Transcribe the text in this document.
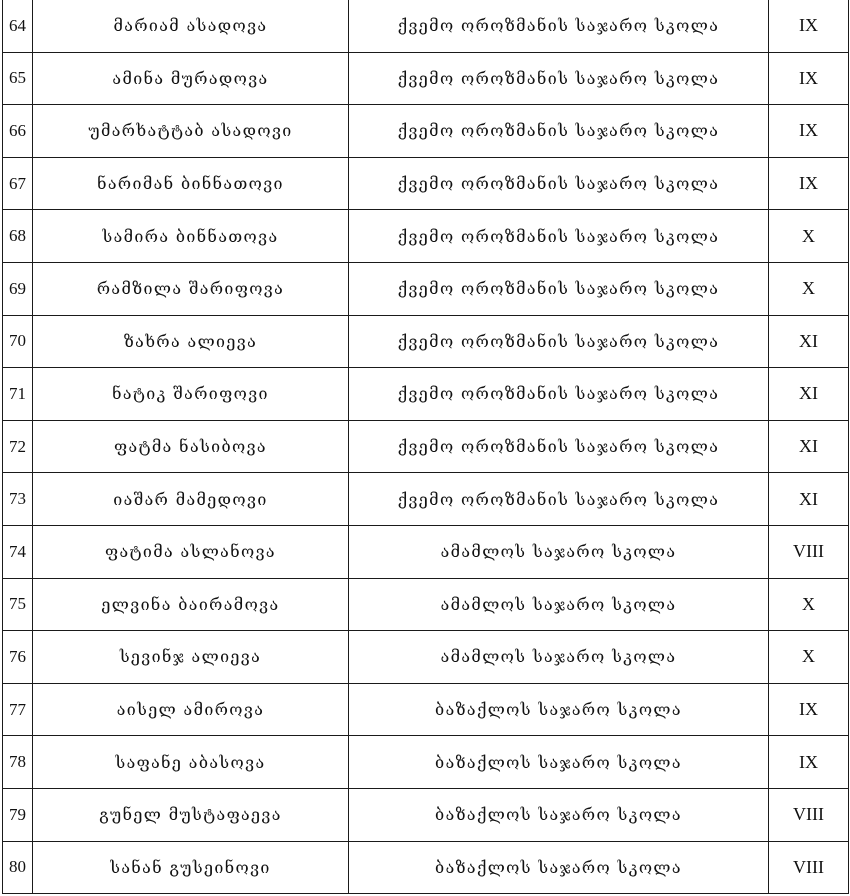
64	მარიამ ასადოვა	ქვემო ოროზმანის საჯარო სკოლა	IX
65	ამინა მურადოვა	ქვემო ოროზმანის საჯარო სკოლა	IX
66	უმარხატტაბ ასადოვი	ქვემო ოროზმანის საჯარო სკოლა	IX
67	ნარიმან ბინნათოვი	ქვემო ოროზმანის საჯარო სკოლა	IX
68	სამირა ბინნათოვა	ქვემო ოროზმანის საჯარო სკოლა	X
69	რამზილა შარიფოვა	ქვემო ოროზმანის საჯარო სკოლა	X
70	ზახრა ალიევა	ქვემო ოროზმანის საჯარო სკოლა	XI
71	ნატიკ შარიფოვი	ქვემო ოროზმანის საჯარო სკოლა	XI
72	ფატმა ნასიბოვა	ქვემო ოროზმანის საჯარო სკოლა	XI
73	იაშარ მამედოვი	ქვემო ოროზმანის საჯარო სკოლა	XI
74	ფატიმა ასლანოვა	ამამლოს საჯარო სკოლა	VIII
75	ელვინა ბაირამოვა	ამამლოს საჯარო სკოლა	X
76	სევინჯ ალიევა	ამამლოს საჯარო სკოლა	X
77	აისელ ამიროვა	ბაზაქლოს საჯარო სკოლა	IX
78	საფანე აბასოვა	ბაზაქლოს საჯარო სკოლა	IX
79	გუნელ მუსტაფაევა	ბაზაქლოს საჯარო სკოლა	VIII
80	სანან გუსეინოვი	ბაზაქლოს საჯარო სკოლა	VIII
